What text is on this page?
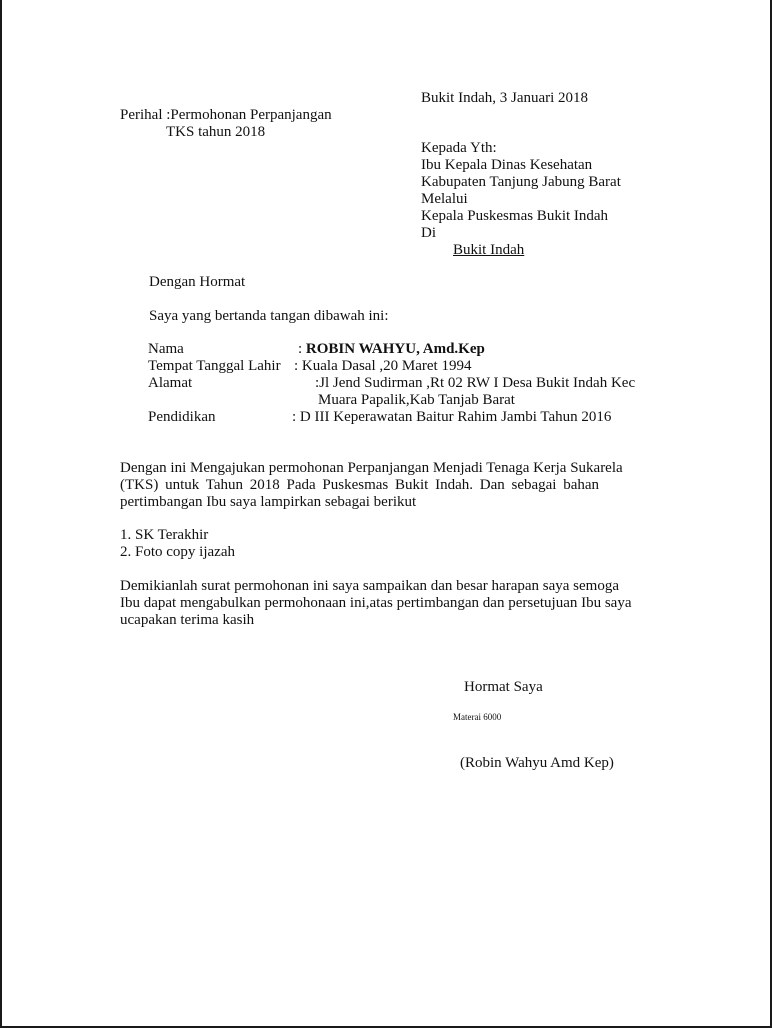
Bukit Indah, 3 Januari 2018
Perihal :Permohonan Perpanjangan
TKS tahun 2018
Kepada Yth:
Ibu Kepala Dinas Kesehatan
Kabupaten Tanjung Jabung Barat
Melalui
Kepala Puskesmas Bukit Indah
Di
Bukit Indah
Dengan Hormat
Saya yang bertanda tangan dibawah ini:
Nama	: ROBIN WAHYU, Amd.Kep
Tempat Tanggal Lahir : Kuala Dasal ,20 Maret 1994
Alamat	:Jl Jend Sudirman ,Rt 02 RW I Desa Bukit Indah Kec
Muara Papalik,Kab Tanjab Barat
Pendidikan	: D III Keperawatan Baitur Rahim Jambi Tahun 2016
Dengan ini Mengajukan permohonan Perpanjangan Menjadi Tenaga Kerja Sukarela
(TKS) untuk Tahun 2018 Pada Puskesmas Bukit Indah. Dan sebagai bahan
pertimbangan Ibu saya lampirkan sebagai berikut
1. SK Terakhir
2. Foto copy ijazah
Demikianlah surat permohonan ini saya sampaikan dan besar harapan saya semoga
Ibu dapat mengabulkan permohonaan ini,atas pertimbangan dan persetujuan Ibu saya
ucapakan terima kasih
Hormat Saya
Materai 6000
(Robin Wahyu Amd Kep)
